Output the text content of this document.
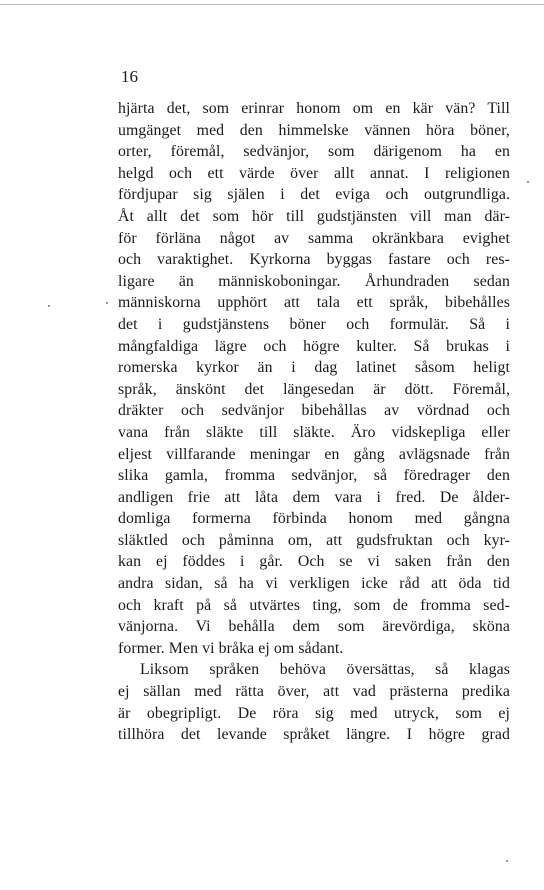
16
hjärta det, som erinrar honom om en kär vän? Till
umgänget med den himmelske vännen höra böner,
orter, föremål, sedvänjor, som därigenom ha en
helgd och ett värde över allt annat. I religionen
fördjupar sig själen i det eviga och outgrundliga.
Åt allt det som hör till gudstjänsten vill man där-
för förläna något av samma okränkbara evighet
och varaktighet. Kyrkorna byggas fastare och res-
ligare än människoboningar. Århundraden sedan
människorna upphört att tala ett språk, bibehålles
det i gudstjänstens böner och formulär. Så i
mångfaldiga lägre och högre kulter. Så brukas i
romerska kyrkor än i dag latinet såsom heligt
språk, änskönt det längesedan är dött. Föremål,
dräkter och sedvänjor bibehållas av vördnad och
vana från släkte till släkte. Äro vidskepliga eller
eljest villfarande meningar en gång avlägsnade från
slika gamla, fromma sedvänjor, så föredrager den
andligen frie att låta dem vara i fred. De ålder-
domliga formerna förbinda honom med gångna
släktled och påminna om, att gudsfruktan och kyr-
kan ej föddes i går. Och se vi saken från den
andra sidan, så ha vi verkligen icke råd att öda tid
och kraft på så utvärtes ting, som de fromma sed-
vänjorna. Vi behålla dem som ärevördiga, sköna
former. Men vi bråka ej om sådant.
Liksom språken behöva översättas, så klagas
ej sällan med rätta över, att vad prästerna predika
är obegripligt. De röra sig med utryck, som ej
tillhöra det levande språket längre. I högre grad
